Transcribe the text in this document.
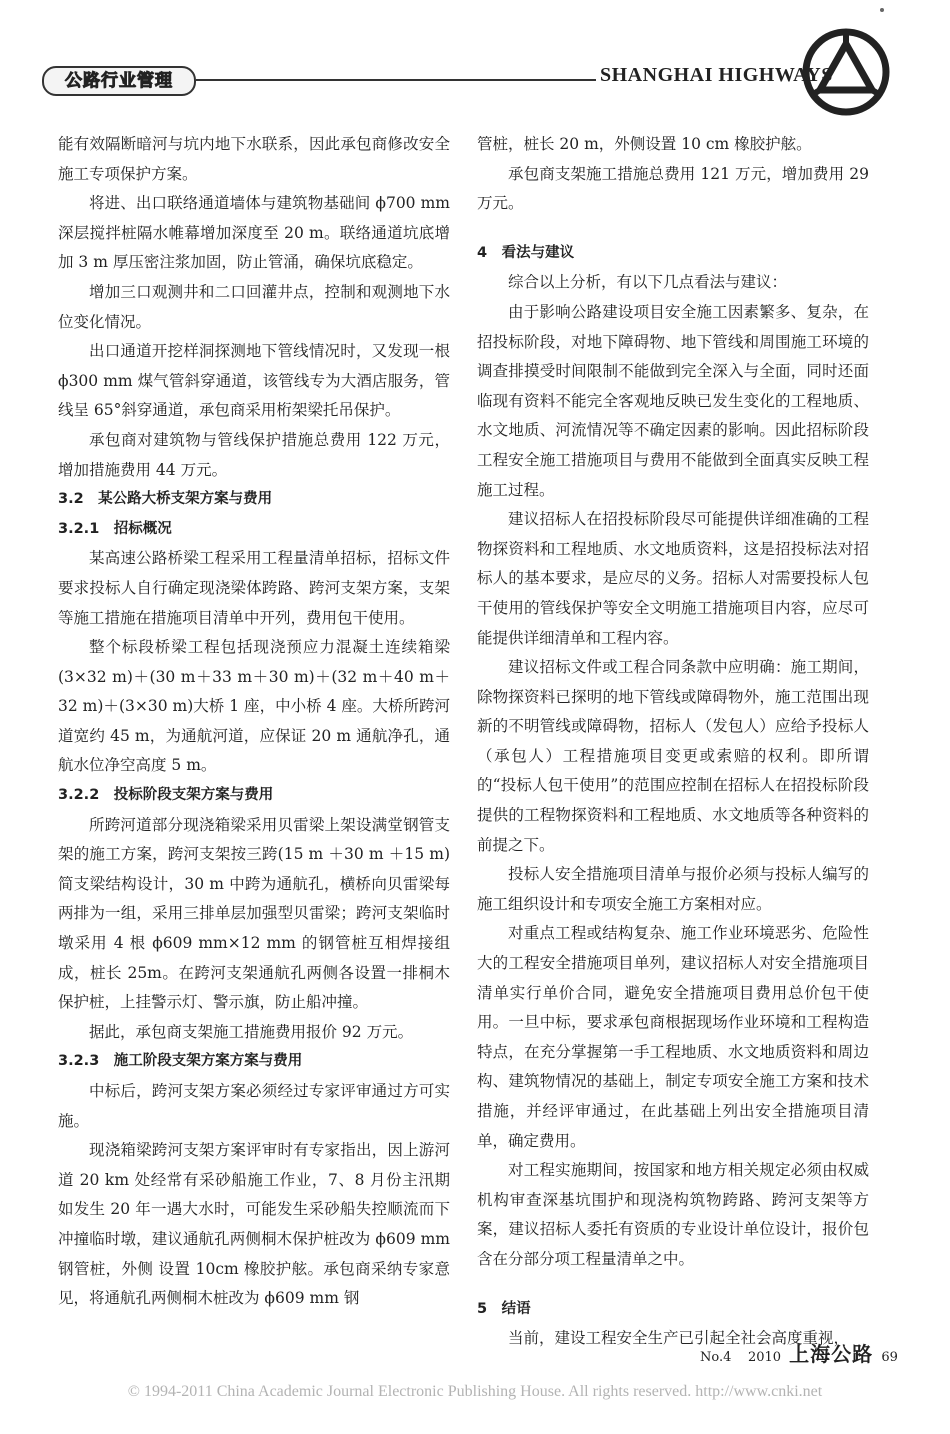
公路行业管理	SHANGHAI HIGHWAYS

能有效隔断暗河与坑内地下水联系，因此承包商修改安全施工专项保护方案。

将进、出口联络通道墙体与建筑物基础间 ϕ700 mm深层搅拌桩隔水帷幕增加深度至 20 m。联络通道坑底增加 3 m 厚压密注浆加固，防止管涌，确保坑底稳定。

增加三口观测井和二口回灌井点，控制和观测地下水位变化情况。

出口通道开挖样洞探测地下管线情况时，又发现一根 ϕ300 mm 煤气管斜穿通道，该管线专为大酒店服务，管线呈 65°斜穿通道，承包商采用桁架梁托吊保护。

承包商对建筑物与管线保护措施总费用 122 万元，增加措施费用 44 万元。

3.2　某公路大桥支架方案与费用
3.2.1　招标概况

某高速公路桥梁工程采用工程量清单招标，招标文件要求投标人自行确定现浇梁体跨路、跨河支架方案，支架等施工措施在措施项目清单中开列，费用包干使用。

整个标段桥梁工程包括现浇预应力混凝土连续箱梁(3×32 m)＋(30 m＋33 m＋30 m)＋(32 m＋40 m＋32 m)＋(3×30 m)大桥 1 座，中小桥 4 座。大桥所跨河道宽约 45 m，为通航河道，应保证 20 m 通航净孔，通航水位净空高度 5 m。

3.2.2　投标阶段支架方案与费用

所跨河道部分现浇箱梁采用贝雷梁上架设满堂钢管支架的施工方案，跨河支架按三跨(15 m ＋30 m ＋15 m)简支梁结构设计，30 m 中跨为通航孔，横桥向贝雷梁每两排为一组，采用三排单层加强型贝雷梁；跨河支架临时墩采用 4 根 ϕ609 mm×12 mm 的钢管桩互相焊接组成，桩长 25m。在跨河支架通航孔两侧各设置一排桐木保护桩，上挂警示灯、警示旗，防止船冲撞。

据此，承包商支架施工措施费用报价 92 万元。

3.2.3　施工阶段支架方案方案与费用

中标后，跨河支架方案必须经过专家评审通过方可实施。

现浇箱梁跨河支架方案评审时有专家指出，因上游河道 20 km 处经常有采砂船施工作业，7、8 月份主汛期如发生 20 年一遇大水时，可能发生采砂船失控顺流而下冲撞临时墩，建议通航孔两侧桐木保护桩改为 ϕ609 mm 钢管桩，外侧 设置 10cm 橡胶护舷。承包商采纳专家意见，将通航孔两侧桐木桩改为 ϕ609 mm 钢

管桩，桩长 20 m，外侧设置 10 cm 橡胶护舷。

承包商支架施工措施总费用 121 万元，增加费用 29 万元。

4　看法与建议

综合以上分析，有以下几点看法与建议：

由于影响公路建设项目安全施工因素繁多、复杂，在招投标阶段，对地下障碍物、地下管线和周围施工环境的调查排摸受时间限制不能做到完全深入与全面，同时还面临现有资料不能完全客观地反映已发生变化的工程地质、水文地质、河流情况等不确定因素的影响。因此招标阶段工程安全施工措施项目与费用不能做到全面真实反映工程施工过程。

建议招标人在招投标阶段尽可能提供详细准确的工程物探资料和工程地质、水文地质资料，这是招投标法对招标人的基本要求，是应尽的义务。招标人对需要投标人包干使用的管线保护等安全文明施工措施项目内容，应尽可能提供详细清单和工程内容。

建议招标文件或工程合同条款中应明确：施工期间，除物探资料已探明的地下管线或障碍物外，施工范围出现新的不明管线或障碍物，招标人（发包人）应给予投标人（承包人）工程措施项目变更或索赔的权利。即所谓的“投标人包干使用”的范围应控制在招标人在招投标阶段提供的工程物探资料和工程地质、水文地质等各种资料的前提之下。

投标人安全措施项目清单与报价必须与投标人编写的施工组织设计和专项安全施工方案相对应。

对重点工程或结构复杂、施工作业环境恶劣、危险性大的工程安全措施项目单列，建议招标人对安全措施项目清单实行单价合同，避免安全措施项目费用总价包干使用。一旦中标，要求承包商根据现场作业环境和工程构造特点，在充分掌握第一手工程地质、水文地质资料和周边构、建筑物情况的基础上，制定专项安全施工方案和技术措施，并经评审通过，在此基础上列出安全措施项目清单，确定费用。

对工程实施期间，按国家和地方相关规定必须由权威机构审查深基坑围护和现浇构筑物跨路、跨河支架等方案，建议招标人委托有资质的专业设计单位设计，报价包含在分部分项工程量清单之中。

5　结语

当前，建设工程安全生产已引起全社会高度重视，

No.4 2010 上海公路 69
© 1994-2011 China Academic Journal Electronic Publishing House. All rights reserved. http://www.cnki.net
